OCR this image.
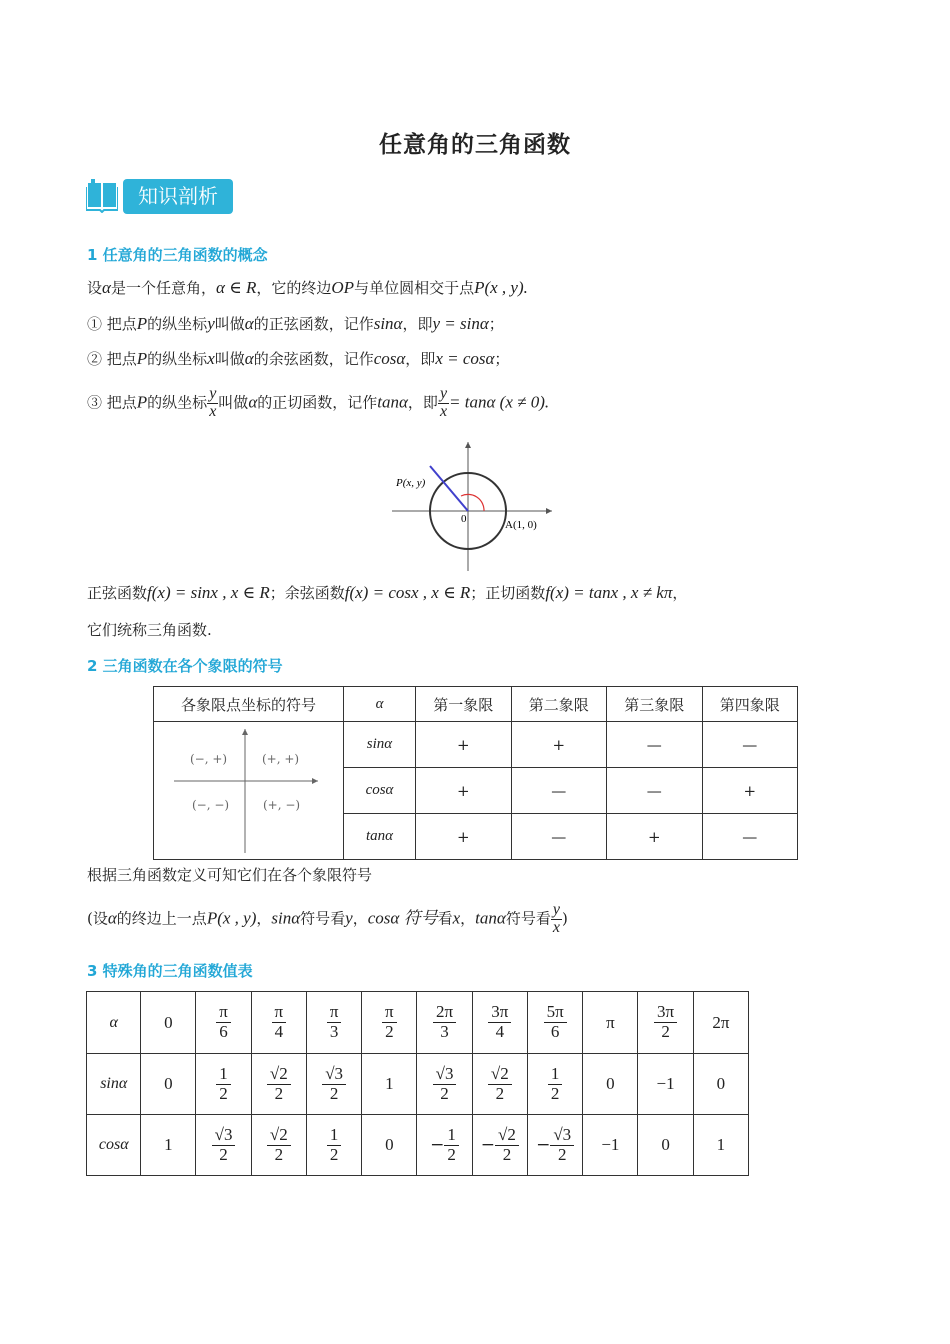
任意角的三角函数
知识剖析
1 任意角的三角函数的概念
设α是一个任意角，α ∈ R，它的终边OP与单位圆相交于点P(x , y).
① 把点P的纵坐标y叫做α的正弦函数，记作sinα，即y = sinα；
② 把点P的纵坐标x叫做α的余弦函数，记作cosα，即x = cosα；
③ 把点P的纵坐标 $\frac{y}{x}$ 叫做α的正切函数，记作tanα，即 $\frac{y}{x} = \tan\alpha$ (x ≠ 0).
P(x, y)
0	A(1, 0)
正弦函数f(x) = sinx , x ∈ R；余弦函数f(x) = cosx , x ∈ R；正切函数f(x) = tanx , x ≠ kπ，
它们统称三角函数.
2 三角函数在各个象限的符号
各象限点坐标的符号	α	第一象限	第二象限	第三象限	第四象限

(−, +) (+, +)
(−, −) (+, −)	sinα	+	+	—	—
	cosα	+	—	—	+
	tanα	+	—	+	—
根据三角函数定义可知它们在各个象限符号
(设α的终边上一点P(x , y)，sinα符号看y，cosα 符号看x，tanα符号看 $\frac{y}{x}$ )
3 特殊角的三角函数值表
α	0	$\frac{\pi}{6}$	$\frac{\pi}{4}$	$\frac{\pi}{3}$	$\frac{\pi}{2}$	$\frac{2\pi}{3}$	$\frac{3\pi}{4}$	$\frac{5\pi}{6}$	π	$\frac{3\pi}{2}$	2π
sinα	0	$\frac{1}{2}$	$\frac{√2}{2}$	$\frac{√3}{2}$	1	$\frac{√3}{2}$	$\frac{√2}{2}$	$\frac{1}{2}$	0	−1	0
cosα	1	$\frac{√3}{2}$	$\frac{√2}{2}$	$\frac{1}{2}$	0	− $\frac{1}{2}$	− $\frac{√2}{2}$	− $\frac{√3}{2}$	−1	0	1
